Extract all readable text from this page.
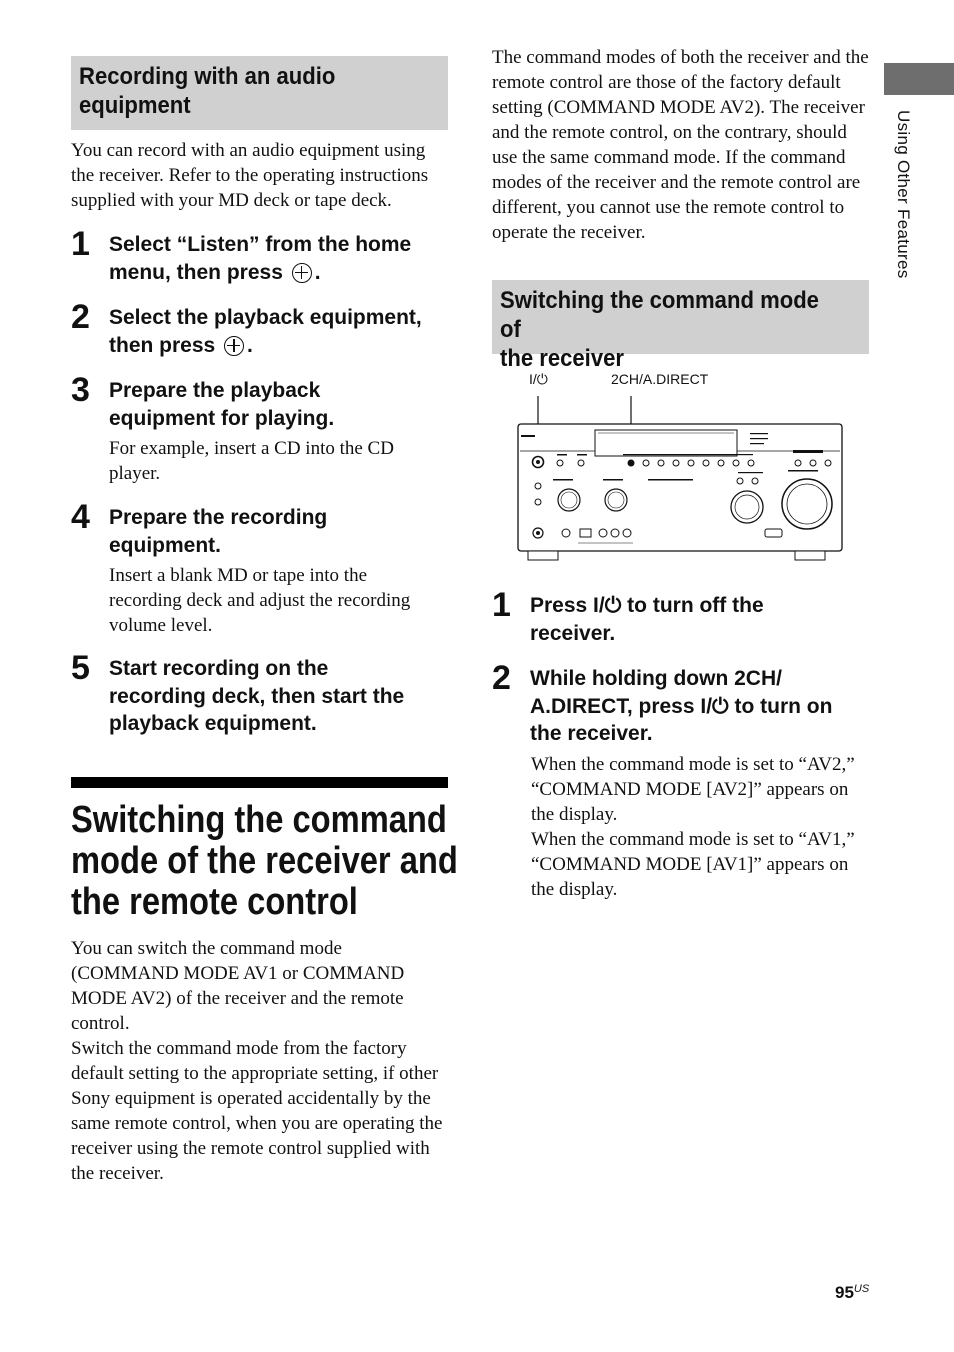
Recording with an audio
equipment
You can record with an audio equipment using the receiver. Refer to the operating instructions supplied with your MD deck or tape deck.
1 Select “Listen” from the home
menu, then press .
2 Select the playback equipment,
then press .
3 Prepare the playback
equipment for playing.
For example, insert a CD into the CD player.
4 Prepare the recording
equipment.
Insert a blank MD or tape into the recording deck and adjust the recording volume level.
5 Start recording on the
recording deck, then start the
playback equipment.
Switching the command
mode of the receiver and
the remote control
You can switch the command mode (COMMAND MODE AV1 or COMMAND MODE AV2) of the receiver and the remote control.
Switch the command mode from the factory default setting to the appropriate setting, if other Sony equipment is operated accidentally by the same remote control, when you are operating the receiver using the remote control supplied with the receiver.
The command modes of both the receiver and the remote control are those of the factory default setting (COMMAND MODE AV2). The receiver and the remote control, on the contrary, should use the same command mode. If the command modes of the receiver and the remote control are different, you cannot use the remote control to operate the receiver.
Switching the command mode of
the receiver
I/⏻	2CH/A.DIRECT
1 Press I/⏻ to turn off the
receiver.
2 While holding down 2CH/
A.DIRECT, press I/⏻ to turn on
the receiver.
When the command mode is set to “AV2,” “COMMAND MODE [AV2]” appears on the display.
When the command mode is set to “AV1,” “COMMAND MODE [AV1]” appears on the display.
Using Other Features
$95^{US}$
